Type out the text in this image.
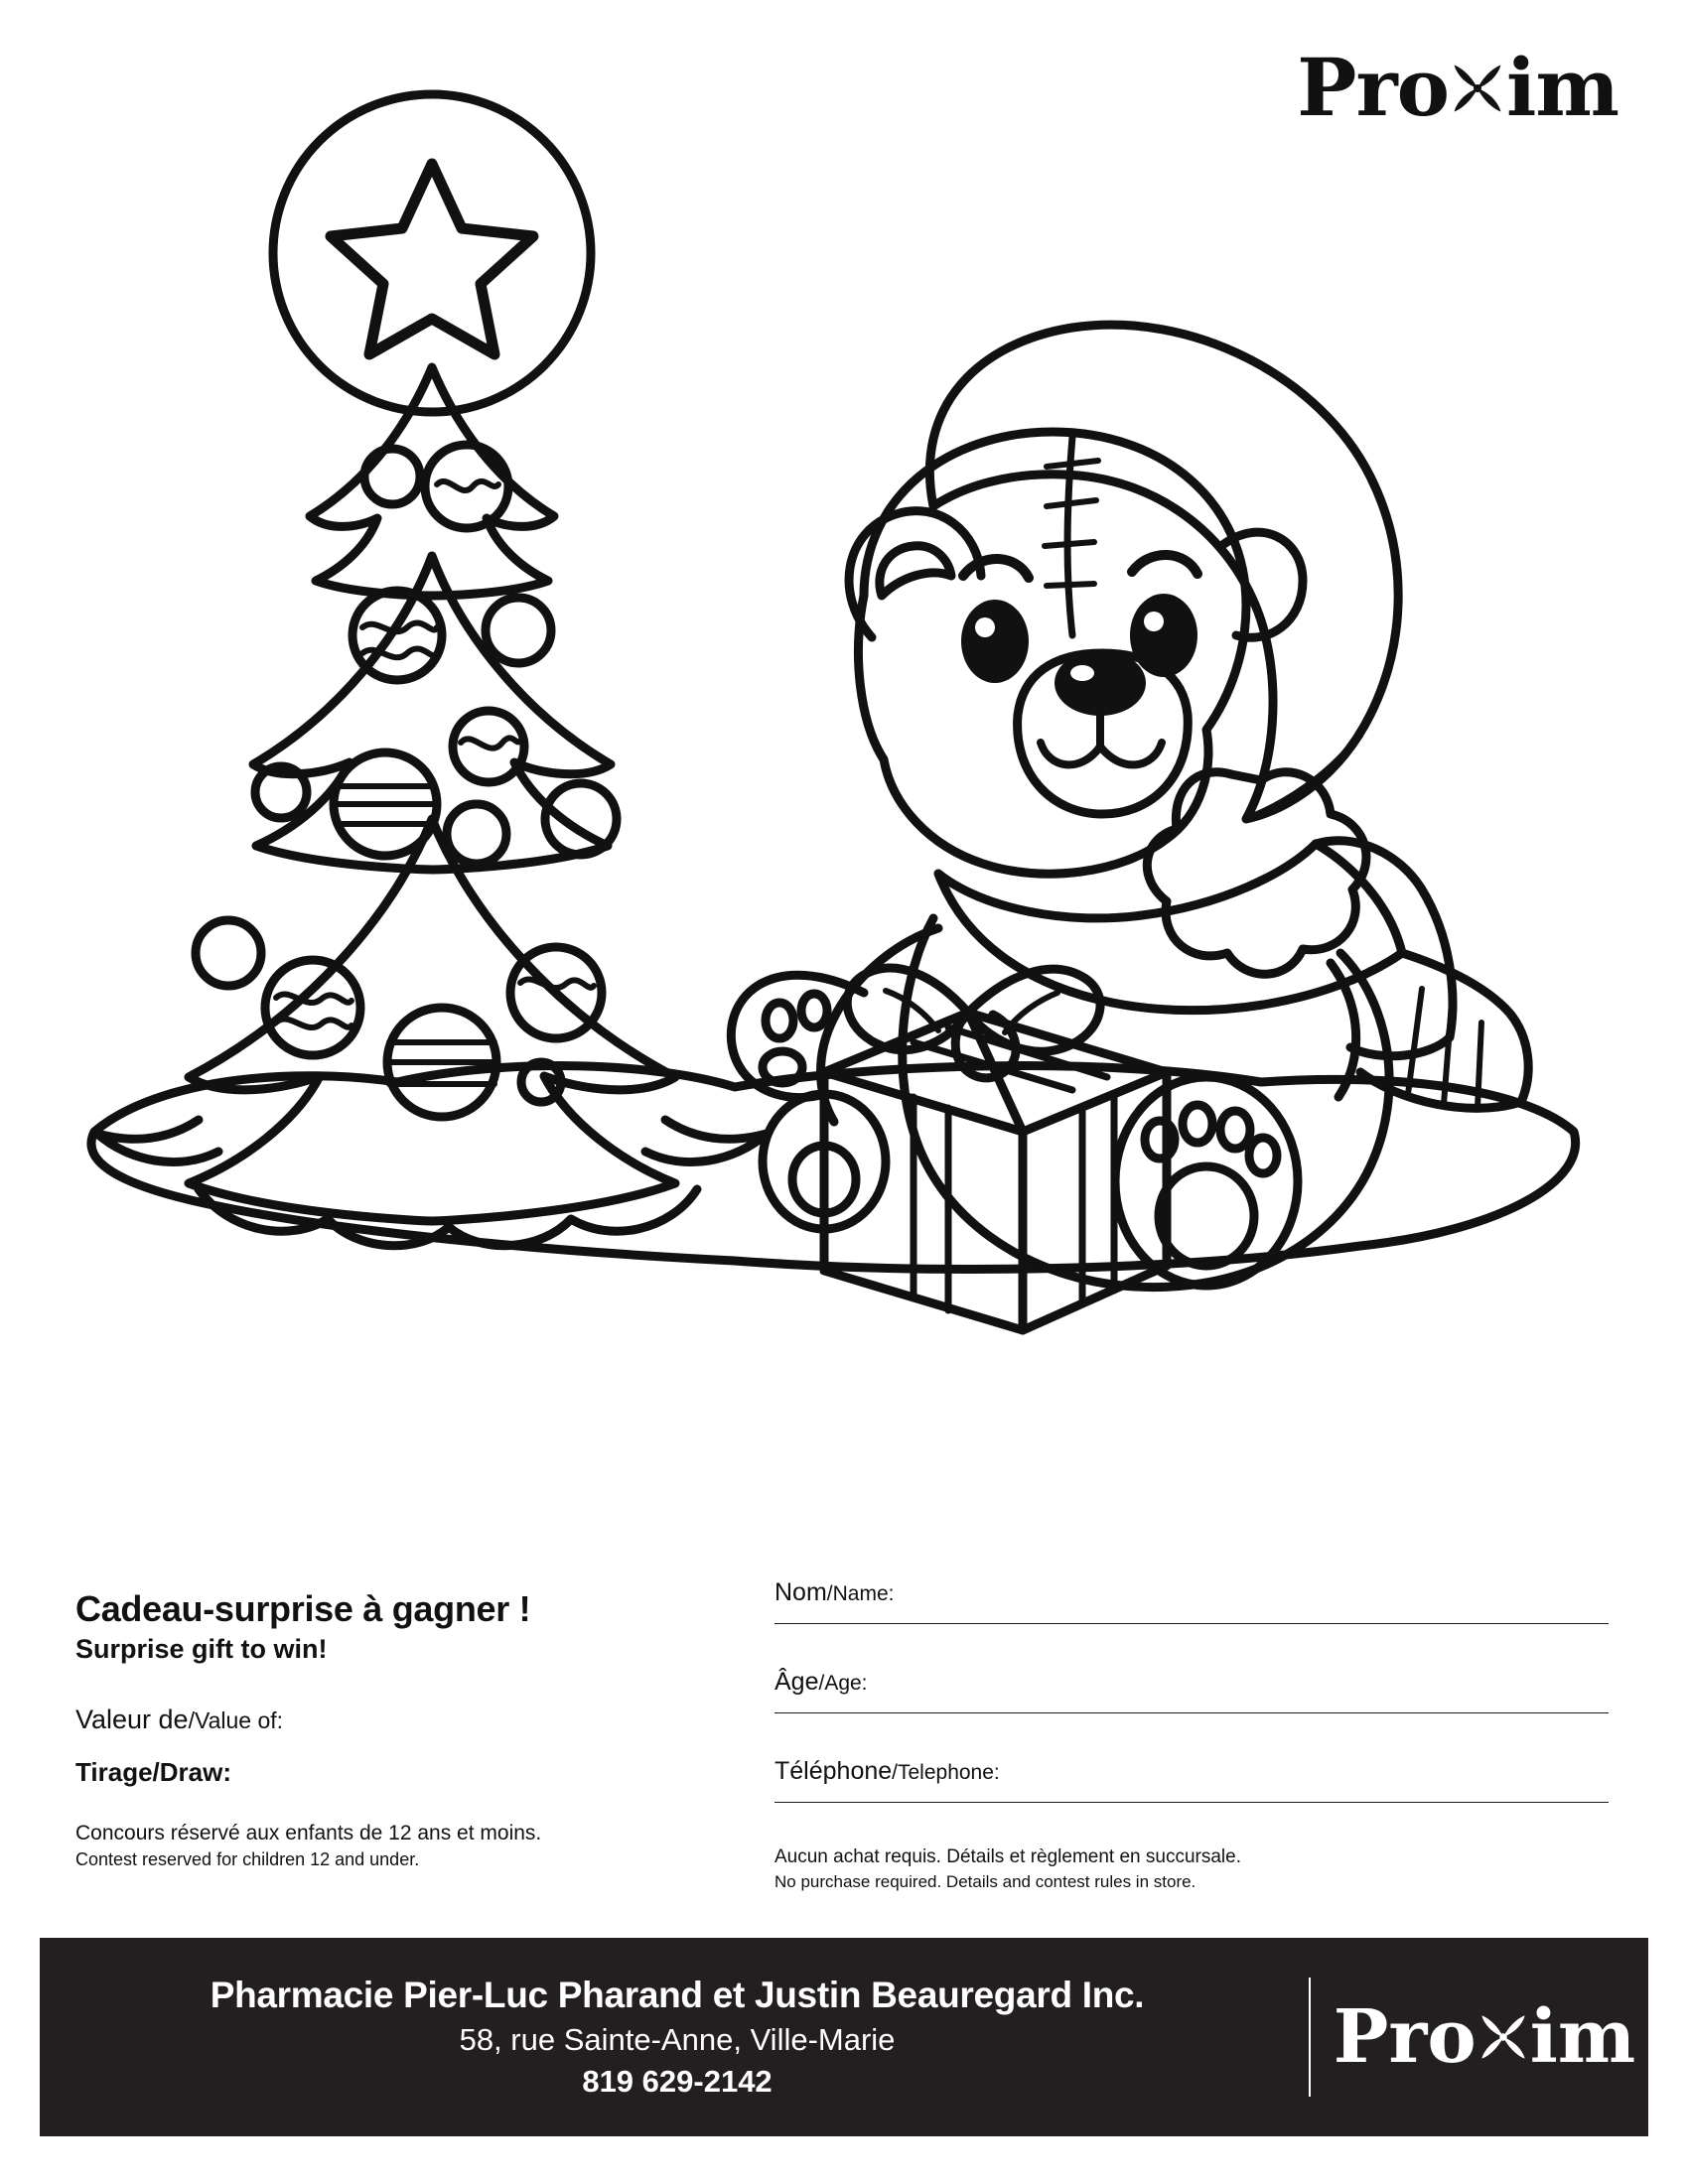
Pro im

Cadeau-surprise à gagner !

Surprise gift to win!

Valeur de/Value of:

Tirage/Draw:

Concours réservé aux enfants de 12 ans et moins.

Contest reserved for children 12 and under.

Nom/Name:
Âge/Age:
Téléphone/Telephone:

Aucun achat requis. Détails et règlement en succursale.

No purchase required. Details and contest rules in store.

Pharmacie Pier-Luc Pharand et Justin Beauregard Inc.

58, rue Sainte-Anne, Ville-Marie

819 629-2142

Pro im
